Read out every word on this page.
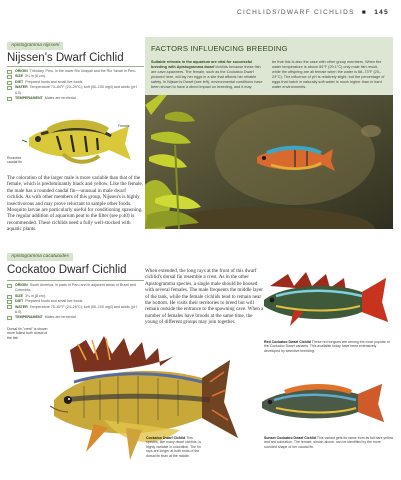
CICHLIDS/DWARF CICHLIDS ■ 145
Apistogramma nijsseni
Nijssen's Dwarf Cichlid
ORIGIN Tributary, Peru, in the lower Rio Ucayali and the Rio Yavari in Peru.
SIZE 3¼ in (8 cm).
DIET Prepared foods and small live foods.
WATER Temperature 73–84°F (23–29°C); soft (50–100 mg/l) and acidic (pH 6.0).
TEMPERAMENT Males are territorial.
Female
Rounded caudal fin
The coloration of the larger male is more variable than that of the female, which is predominantly black and yellow. Like the female, the male has a rounded caudal fin—unusual in male dwarf cichlids. As with other members of this group, Nijssen's is highly insectivorous and may prove reluctant to sample other foods. Mosquito larvae are particularly useful for conditioning spawning. The regular addition of aquarium peat to the filter (see p.40) is recommended. These cichlids need a fully well-stocked with aquatic plants.
FACTORS INFLUENCING BREEDING
Suitable retreats in the aquarium are vital for successful breeding with Apistogramma dwarf cichlids because these fish are cave-spawners. The female, such as the Cockatoo Dwarf pictured here, will lay her eggs in a site that affords her reliable safety. In Nijssen's Dwarf (see left), environmental conditions have been shown to have a direct impact on breeding, and it may
be that this is also the case with other group members. When the water temperature is above 84°F (29.1°C) only male fish result, while the offspring are all female when the water is 68–73°F (20–23°C). The influence of pH is relatively slight, but the percentage of eggs that hatch in naturally soft water is much higher than in hard water environments.
Apistogramma cacatuoides
Cockatoo Dwarf Cichlid
ORIGIN South America, in parts of Peru and in adjacent areas of Brazil and Colombia.
SIZE 3¼ in (8 cm).
DIET Prepared foods and small live foods.
WATER Temperature 75–82°F (24–28°C); soft (50–100 mg/l) and acidic (pH 6.0).
TEMPERAMENT Males are territorial.
When extended, the long rays at the front of this dwarf cichlid's dorsal fin resemble a crest. As in the other Apistogramma species, a single male should be housed with several females. The male frequents the middle layer of the tank, while the female cichlids tend to remain near the bottom. He visits their territories to breed but will remain outside the entrance to the spawning cave. When a number of females have broods at the same time, the young of different groups may join together.
Dorsal fin "crest" is shown more fullest both dorsal of the fish
Red Cockatoo Dwarf Cichlid These red tongues are among the most popular of the Cockatoo Dwarf variants. This available today have been extensively developed by selective breeding.
Cockatoo Dwarf Cichlid This species, like many dwarf cichlids, is highly variable in coloration. The fin rays are longer at both ends of the dorsal fin than at the middle.
Sunset Cockatoo Dwarf Cichlid This variant gets its name from its fall bars yellow and red coloration. The female, shown above, can be identified by the more rounded shape of her caudal fin.
